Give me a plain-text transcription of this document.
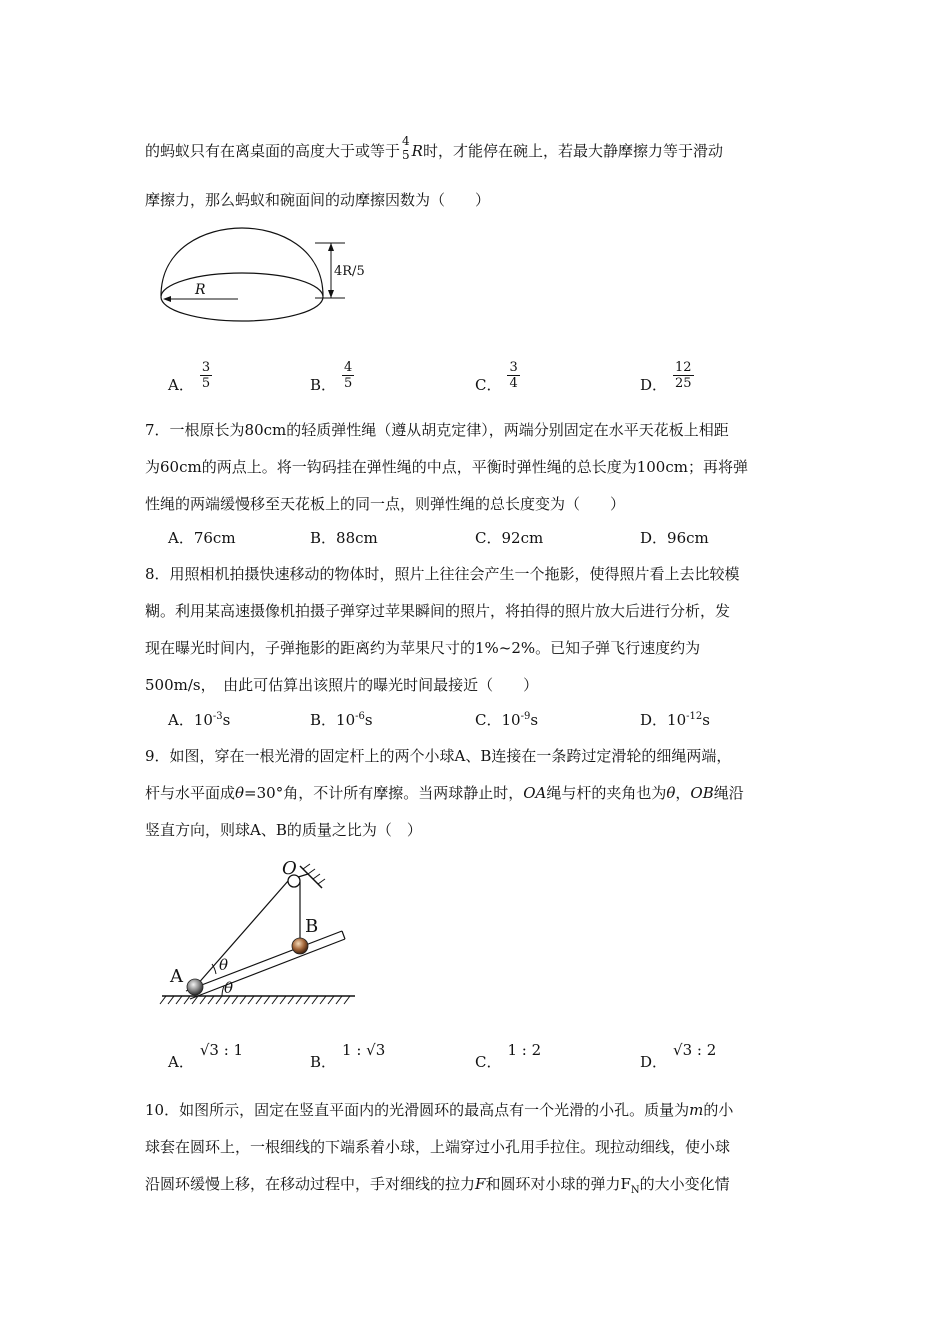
的蚂蚁只有在离桌面的高度大于或等于
4
5 R时，才能停在碗上，若最大静摩擦力等于滑动
摩擦力，那么蚂蚁和碗面间的动摩擦因数为（　　）
R
4R/5
A． $\frac{3}{5}$	B． $\frac{4}{5}$	C． $\frac{3}{4}$	D． $\frac{12}{25}$
7．一根原长为80cm的轻质弹性绳（遵从胡克定律），两端分别固定在水平天花板上相距
为60cm的两点上。将一钩码挂在弹性绳的中点，平衡时弹性绳的总长度为100cm；再将弹
性绳的两端缓慢移至天花板上的同一点，则弹性绳的总长度变为（　　）
A．76cm	B．88cm	C．92cm	D．96cm
8．用照相机拍摄快速移动的物体时，照片上往往会产生一个拖影，使得照片看上去比较模
糊。利用某高速摄像机拍摄子弹穿过苹果瞬间的照片，将拍得的照片放大后进行分析，发
现在曝光时间内，子弹拖影的距离约为苹果尺寸的1%~2%。已知子弹飞行速度约为
500m/s，　由此可估算出该照片的曝光时间最接近（　　）
A．$10^{-3}s$	B．$10^{-6}s$	C．$10^{-9}s$	D．$10^{-12}s$
9．如图，穿在一根光滑的固定杆上的两个小球A、B连接在一条跨过定滑轮的细绳两端，
杆与水平面成θ=30°角，不计所有摩擦。当两球静止时，OA绳与杆的夹角也为θ，OB绳沿
竖直方向，则球A、B的质量之比为（　）
O
A
B
θ
θ
A．√3 : 1
B．1 : √3
C．1 : 2
D．√3 : 2
10．如图所示，固定在竖直平面内的光滑圆环的最高点有一个光滑的小孔。质量为m的小
球套在圆环上，一根细线的下端系着小球，上端穿过小孔用手拉住。现拉动细线，使小球
沿圆环缓慢上移，在移动过程中，手对细线的拉力F和圆环对小球的弹力$F_N$的大小变化情
